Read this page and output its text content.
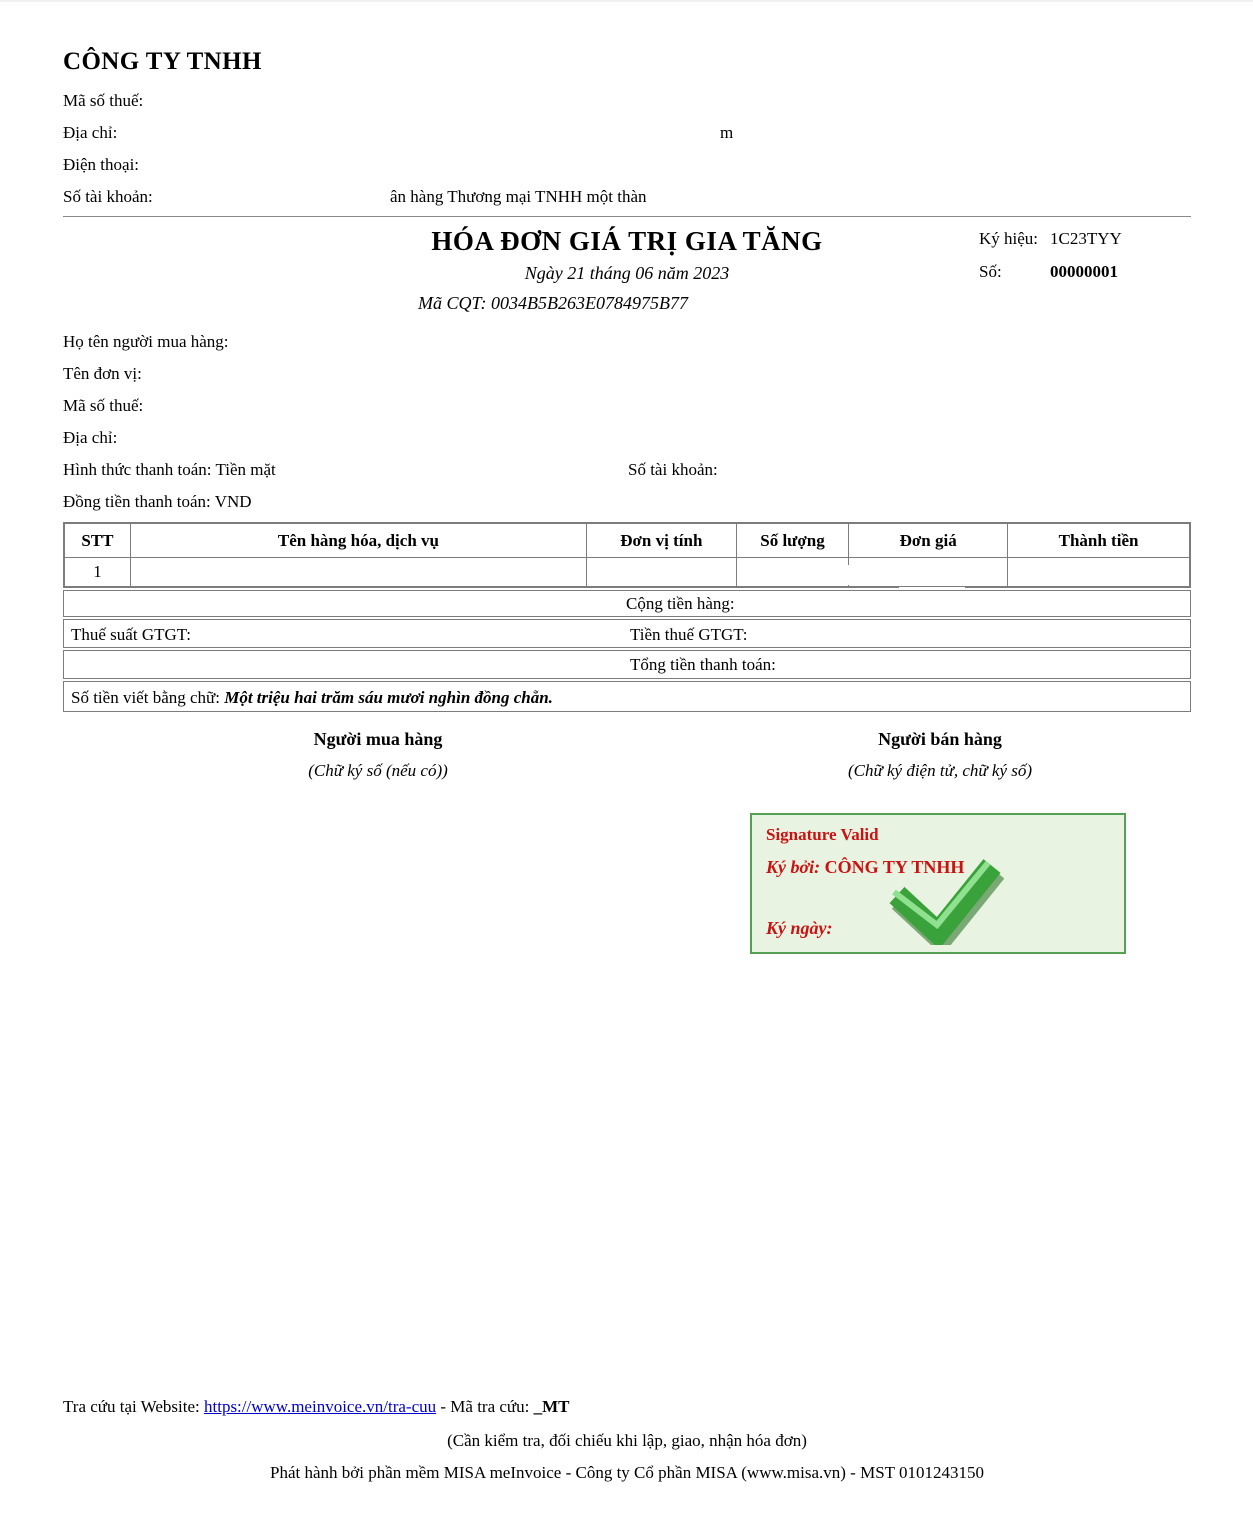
CÔNG TY TNHH
Mã số thuế:
Địa chỉ:	m
Điện thoại:
Số tài khoản:	ân hàng Thương mại TNHH một thàn
HÓA ĐƠN GIÁ TRỊ GIA TĂNG
Ngày 21 tháng 06 năm 2023
Mã CQT: 0034B5B263E0784975B77
Ký hiệu: 1C23TYY
Số:	00000001
Họ tên người mua hàng:
Tên đơn vị:
Mã số thuế:
Địa chỉ:
Hình thức thanh toán: Tiền mặt	Số tài khoản:
Đồng tiền thanh toán: VND
STT	Tên hàng hóa, dịch vụ	Đơn vị tính	Số lượng	Đơn giá	Thành tiền
1					
Cộng tiền hàng:
Thuế suất GTGT:	Tiền thuế GTGT:
Tổng tiền thanh toán:
Số tiền viết bằng chữ: Một triệu hai trăm sáu mươi nghìn đồng chẵn.
Người mua hàng
(Chữ ký số (nếu có))
Người bán hàng
(Chữ ký điện tử, chữ ký số)
Signature Valid
Ký bởi: CÔNG TY TNHH
Ký ngày:
Tra cứu tại Website: https://www.meinvoice.vn/tra-cuu - Mã tra cứu: _MT
(Cần kiểm tra, đối chiếu khi lập, giao, nhận hóa đơn)
Phát hành bởi phần mềm MISA meInvoice - Công ty Cổ phần MISA (www.misa.vn) - MST 0101243150
